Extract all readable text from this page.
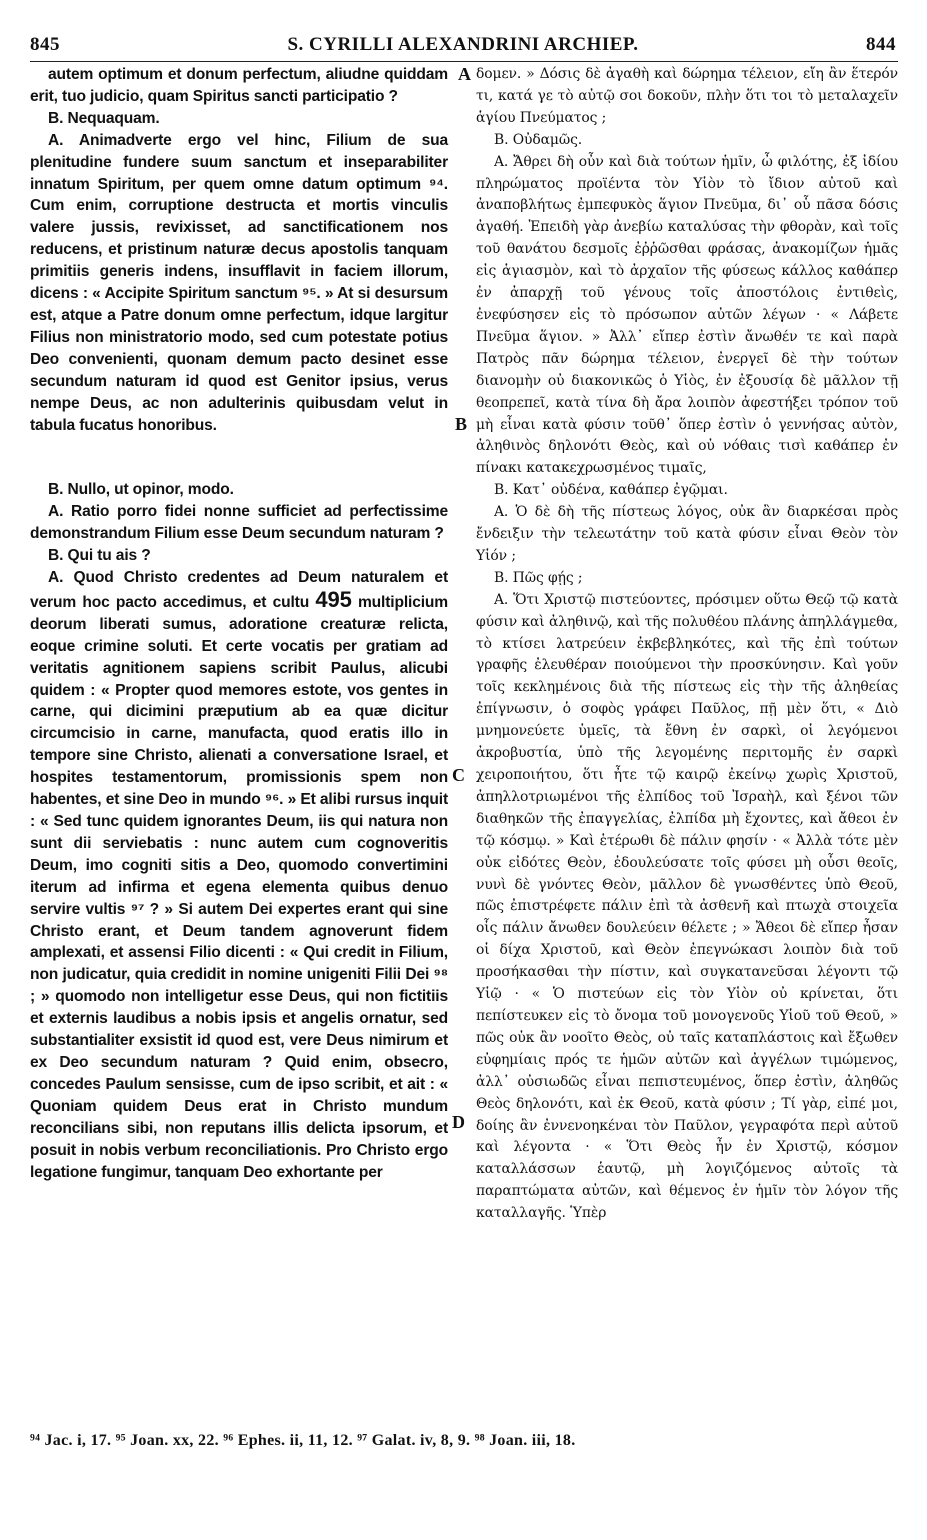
845	S. CYRILLI ALEXANDRINI ARCHIEP.	844

autem optimum et donum perfectum, aliudne quiddam erit, tuo judicio, quam Spiritus sancti participatio ?

B. Nequaquam.

A. Animadverte ergo vel hinc, Filium de sua plenitudine fundere suum sanctum et inseparabiliter innatum Spiritum, per quem omne datum optimum ⁹⁴. Cum enim, corruptione destructa et mortis vinculis valere jussis, revixisset, ad sanctificationem nos reducens, et pristinum naturæ decus apostolis tanquam primitiis generis indens, insufflavit in faciem illorum, dicens : « Accipite Spiritum sanctum ⁹⁵. » At si desursum est, atque a Patre donum omne perfectum, idque largitur Filius non ministratorio modo, sed cum potestate potius Deo convenienti, quonam demum pacto desinet esse secundum naturam id quod est Genitor ipsius, verus nempe Deus, ac non adulterinis quibusdam velut in tabula fucatus honoribus.

B. Nullo, ut opinor, modo.

A. Ratio porro fidei nonne sufficiet ad perfectissime demonstrandum Filium esse Deum secundum naturam ?

B. Qui tu ais ?

A. Quod Christo credentes ad Deum naturalem et verum hoc pacto accedimus, et cultu 495 multiplicium deorum liberati sumus, adoratione creaturæ relicta, eoque crimine soluti. Et certe vocatis per gratiam ad veritatis agnitionem sapiens scribit Paulus, alicubi quidem : « Propter quod memores estote, vos gentes in carne, qui dicimini præputium ab ea quæ dicitur circumcisio in carne, manufacta, quod eratis illo in tempore sine Christo, alienati a conversatione Israel, et hospites testamentorum, promissionis spem non habentes, et sine Deo in mundo ⁹⁶. » Et alibi rursus inquit : « Sed tunc quidem ignorantes Deum, iis qui natura non sunt dii serviebatis : nunc autem cum cognoveritis Deum, imo cogniti sitis a Deo, quomodo convertimini iterum ad infirma et egena elementa quibus denuo servire vultis ⁹⁷ ? » Si autem Dei expertes erant qui sine Christo erant, et Deum tandem agnoverunt fidem amplexati, et assensi Filio dicenti : « Qui credit in Filium, non judicatur, quia credidit in nomine unigeniti Filii Dei ⁹⁸ ; » quomodo non intelligetur esse Deus, qui non fictitiis et externis laudibus a nobis ipsis et angelis ornatur, sed substantialiter exsistit id quod est, vere Deus nimirum et ex Deo secundum naturam ? Quid enim, obsecro, concedes Paulum sensisse, cum de ipso scribit, et ait : « Quoniam quidem Deus erat in Christo mundum reconcilians sibi, non reputans illis delicta ipsorum, et posuit in nobis verbum reconciliationis. Pro Christo ergo legatione fungimur, tanquam Deo exhortante per

A
B
C
D

δομεν. » Δόσις δὲ ἀγαθὴ καὶ δώρημα τέλειον, εἴη ἂν ἕτερόν τι, κατά γε τὸ αὐτῷ σοι δοκοῦν, πλὴν ὅτι τοι τὸ μεταλαχεῖν ἁγίου Πνεύματος ;

Β. Οὐδαμῶς.

Α. Ἄθρει δὴ οὖν καὶ διὰ τούτων ἡμῖν, ὦ φιλότης, ἐξ ἰδίου πληρώματος προϊέντα τὸν Υἱὸν τὸ ἴδιον αὐτοῦ καὶ ἀναποβλήτως ἐμπεφυκὸς ἅγιον Πνεῦμα, δι᾽ οὗ πᾶσα δόσις ἀγαθή. Ἐπειδὴ γὰρ ἀνεβίω καταλύσας τὴν φθορὰν, καὶ τοῖς τοῦ θανάτου δεσμοῖς ἐῤῥῶσθαι φράσας, ἀνακομίζων ἡμᾶς εἰς ἁγιασμὸν, καὶ τὸ ἀρχαῖον τῆς φύσεως κάλλος καθάπερ ἐν ἀπαρχῇ τοῦ γένους τοῖς ἀποστόλοις ἐντιθεὶς, ἐνεφύσησεν εἰς τὸ πρόσωπον αὐτῶν λέγων · « Λάβετε Πνεῦμα ἅγιον. » Ἀλλ᾽ εἴπερ ἐστὶν ἄνωθέν τε καὶ παρὰ Πατρὸς πᾶν δώρημα τέλειον, ἐνεργεῖ δὲ τὴν τούτων διανομὴν οὐ διακονικῶς ὁ Υἱὸς, ἐν ἐξουσίᾳ δὲ μᾶλλον τῇ θεοπρεπεῖ, κατὰ τίνα δὴ ἄρα λοιπὸν ἀφεστήξει τρόπον τοῦ μὴ εἶναι κατὰ φύσιν τοῦθ᾽ ὅπερ ἐστὶν ὁ γεννήσας αὐτὸν, ἀληθινὸς δηλονότι Θεὸς, καὶ οὐ νόθαις τισὶ καθάπερ ἐν πίνακι κατακεχρωσμένος τιμαῖς,

Β. Κατ᾽ οὐδένα, καθάπερ ἐγῷμαι.

Α. Ὁ δὲ δὴ τῆς πίστεως λόγος, οὐκ ἂν διαρκέσαι πρὸς ἔνδειξιν τὴν τελεωτάτην τοῦ κατὰ φύσιν εἶναι Θεὸν τὸν Υἱόν ;

Β. Πῶς φῄς ;

Α. Ὅτι Χριστῷ πιστεύοντες, πρόσιμεν οὕτω Θεῷ τῷ κατὰ φύσιν καὶ ἀληθινῷ, καὶ τῆς πολυθέου πλάνης ἀπηλλάγμεθα, τὸ κτίσει λατρεύειν ἐκβεβληκότες, καὶ τῆς ἐπὶ τούτων γραφῆς ἐλευθέραν ποιούμενοι τὴν προσκύνησιν. Καὶ γοῦν τοῖς κεκλημένοις διὰ τῆς πίστεως εἰς τὴν τῆς ἀληθείας ἐπίγνωσιν, ὁ σοφὸς γράφει Παῦλος, πῇ μὲν ὅτι, « Διὸ μνημονεύετε ὑμεῖς, τὰ ἔθνη ἐν σαρκὶ, οἱ λεγόμενοι ἀκροβυστία, ὑπὸ τῆς λεγομένης περιτομῆς ἐν σαρκὶ χειροποιήτου, ὅτι ἦτε τῷ καιρῷ ἐκείνῳ χωρὶς Χριστοῦ, ἀπηλλοτριωμένοι τῆς ἐλπίδος τοῦ Ἰσραὴλ, καὶ ξένοι τῶν διαθηκῶν τῆς ἐπαγγελίας, ἐλπίδα μὴ ἔχοντες, καὶ ἄθεοι ἐν τῷ κόσμῳ. » Καὶ ἑτέρωθι δὲ πάλιν φησίν · « Ἀλλὰ τότε μὲν οὐκ εἰδότες Θεὸν, ἐδουλεύσατε τοῖς φύσει μὴ οὖσι θεοῖς, νυνὶ δὲ γνόντες Θεὸν, μᾶλλον δὲ γνωσθέντες ὑπὸ Θεοῦ, πῶς ἐπιστρέφετε πάλιν ἐπὶ τὰ ἀσθενῆ καὶ πτωχὰ στοιχεῖα οἷς πάλιν ἄνωθεν δουλεύειν θέλετε ; » Ἄθεοι δὲ εἴπερ ἦσαν οἱ δίχα Χριστοῦ, καὶ Θεὸν ἐπεγνώκασι λοιπὸν διὰ τοῦ προσήκασθαι τὴν πίστιν, καὶ συγκατανεῦσαι λέγοντι τῷ Υἱῷ · « Ὁ πιστεύων εἰς τὸν Υἱὸν οὐ κρίνεται, ὅτι πεπίστευκεν εἰς τὸ ὄνομα τοῦ μονογενοῦς Υἱοῦ τοῦ Θεοῦ, » πῶς οὐκ ἂν νοοῖτο Θεὸς, οὐ ταῖς καταπλάστοις καὶ ἔξωθεν εὐφημίαις πρός τε ἡμῶν αὐτῶν καὶ ἀγγέλων τιμώμενος, ἀλλ᾽ οὐσιωδῶς εἶναι πεπιστευμένος, ὅπερ ἐστὶν, ἀληθῶς Θεὸς δηλονότι, καὶ ἐκ Θεοῦ, κατὰ φύσιν ; Τί γὰρ, εἰπέ μοι, δοίης ἂν ἐννενοηκέναι τὸν Παῦλον, γεγραφότα περὶ αὐτοῦ καὶ λέγοντα · « Ὅτι Θεὸς ἦν ἐν Χριστῷ, κόσμον καταλλάσσων ἑαυτῷ, μὴ λογιζόμενος αὐτοῖς τὰ παραπτώματα αὐτῶν, καὶ θέμενος ἐν ἡμῖν τὸν λόγον τῆς καταλλαγῆς. Ὑπὲρ

⁹⁴ Jac. i, 17. ⁹⁵ Joan. xx, 22. ⁹⁶ Ephes. ii, 11, 12. ⁹⁷ Galat. iv, 8, 9. ⁹⁸ Joan. iii, 18.
